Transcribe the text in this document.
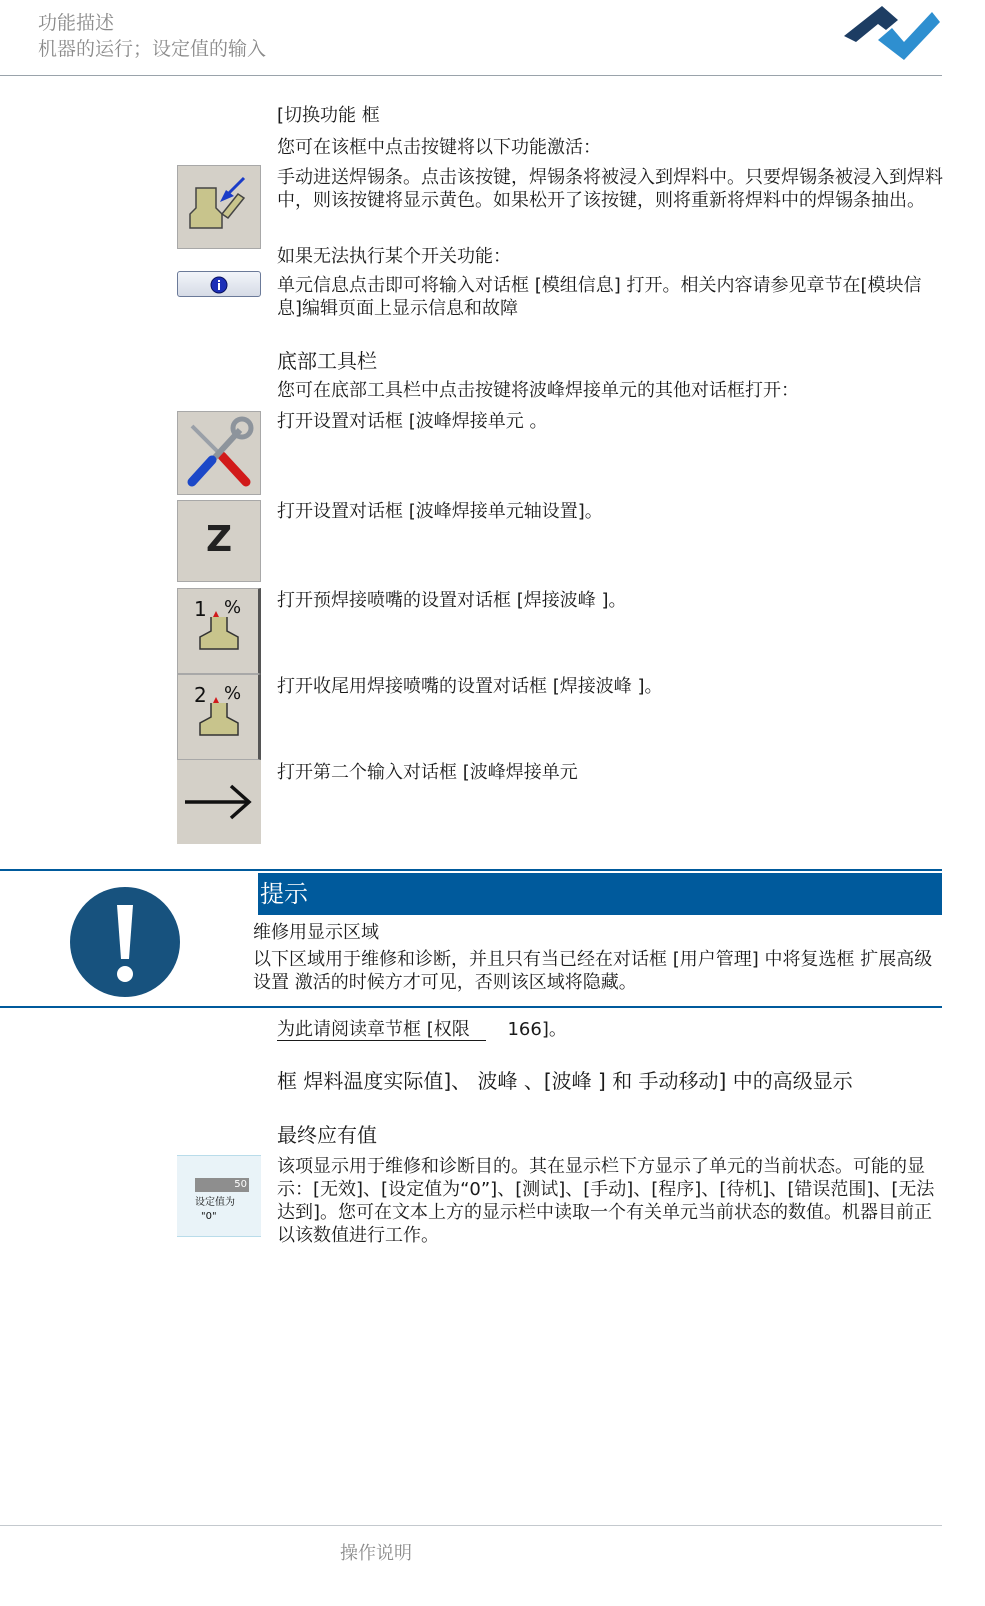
功能描述
机器的运行；设定值的输入
[切换功能 框
您可在该框中点击按键将以下功能激活：
手动进送焊锡条。点击该按键，焊锡条将被浸入到焊料中。只要焊锡条被浸入到焊料中，则该按键将显示黄色。如果松开了该按键，则将重新将焊料中的焊锡条抽出。
如果无法执行某个开关功能：
单元信息点击即可将输入对话框 [模组信息] 打开。相关内容请参见章节在[模块信息]编辑页面上显示信息和故障
底部工具栏
您可在底部工具栏中点击按键将波峰焊接单元的其他对话框打开：
打开设置对话框 [波峰焊接单元 。
Z
打开设置对话框 [波峰焊接单元轴设置]。
1 % 打开预焊接喷嘴的设置对话框 [焊接波峰 ]。
2 % 打开收尾用焊接喷嘴的设置对话框 [焊接波峰 ]。
打开第二个输入对话框 [波峰焊接单元
提示
维修用显示区域
以下区域用于维修和诊断，并且只有当已经在对话框 [用户管理] 中将复选框 扩展高级设置 激活的时候方才可见，否则该区域将隐藏。
为此请阅读章节框 [权限 166]。
框 焊料温度实际值]、 波峰 、[波峰 ] 和 手动移动] 中的高级显示
最终应有值
50
设定值为
"0"
该项显示用于维修和诊断目的。其在显示栏下方显示了单元的当前状态。可能的显示：[无效]、[设定值为“0”]、[测试]、[手动]、[程序]、[待机]、[错误范围]、[无法达到]。您可在文本上方的显示栏中读取一个有关单元当前状态的数值。机器目前正以该数值进行工作。
操作说明
